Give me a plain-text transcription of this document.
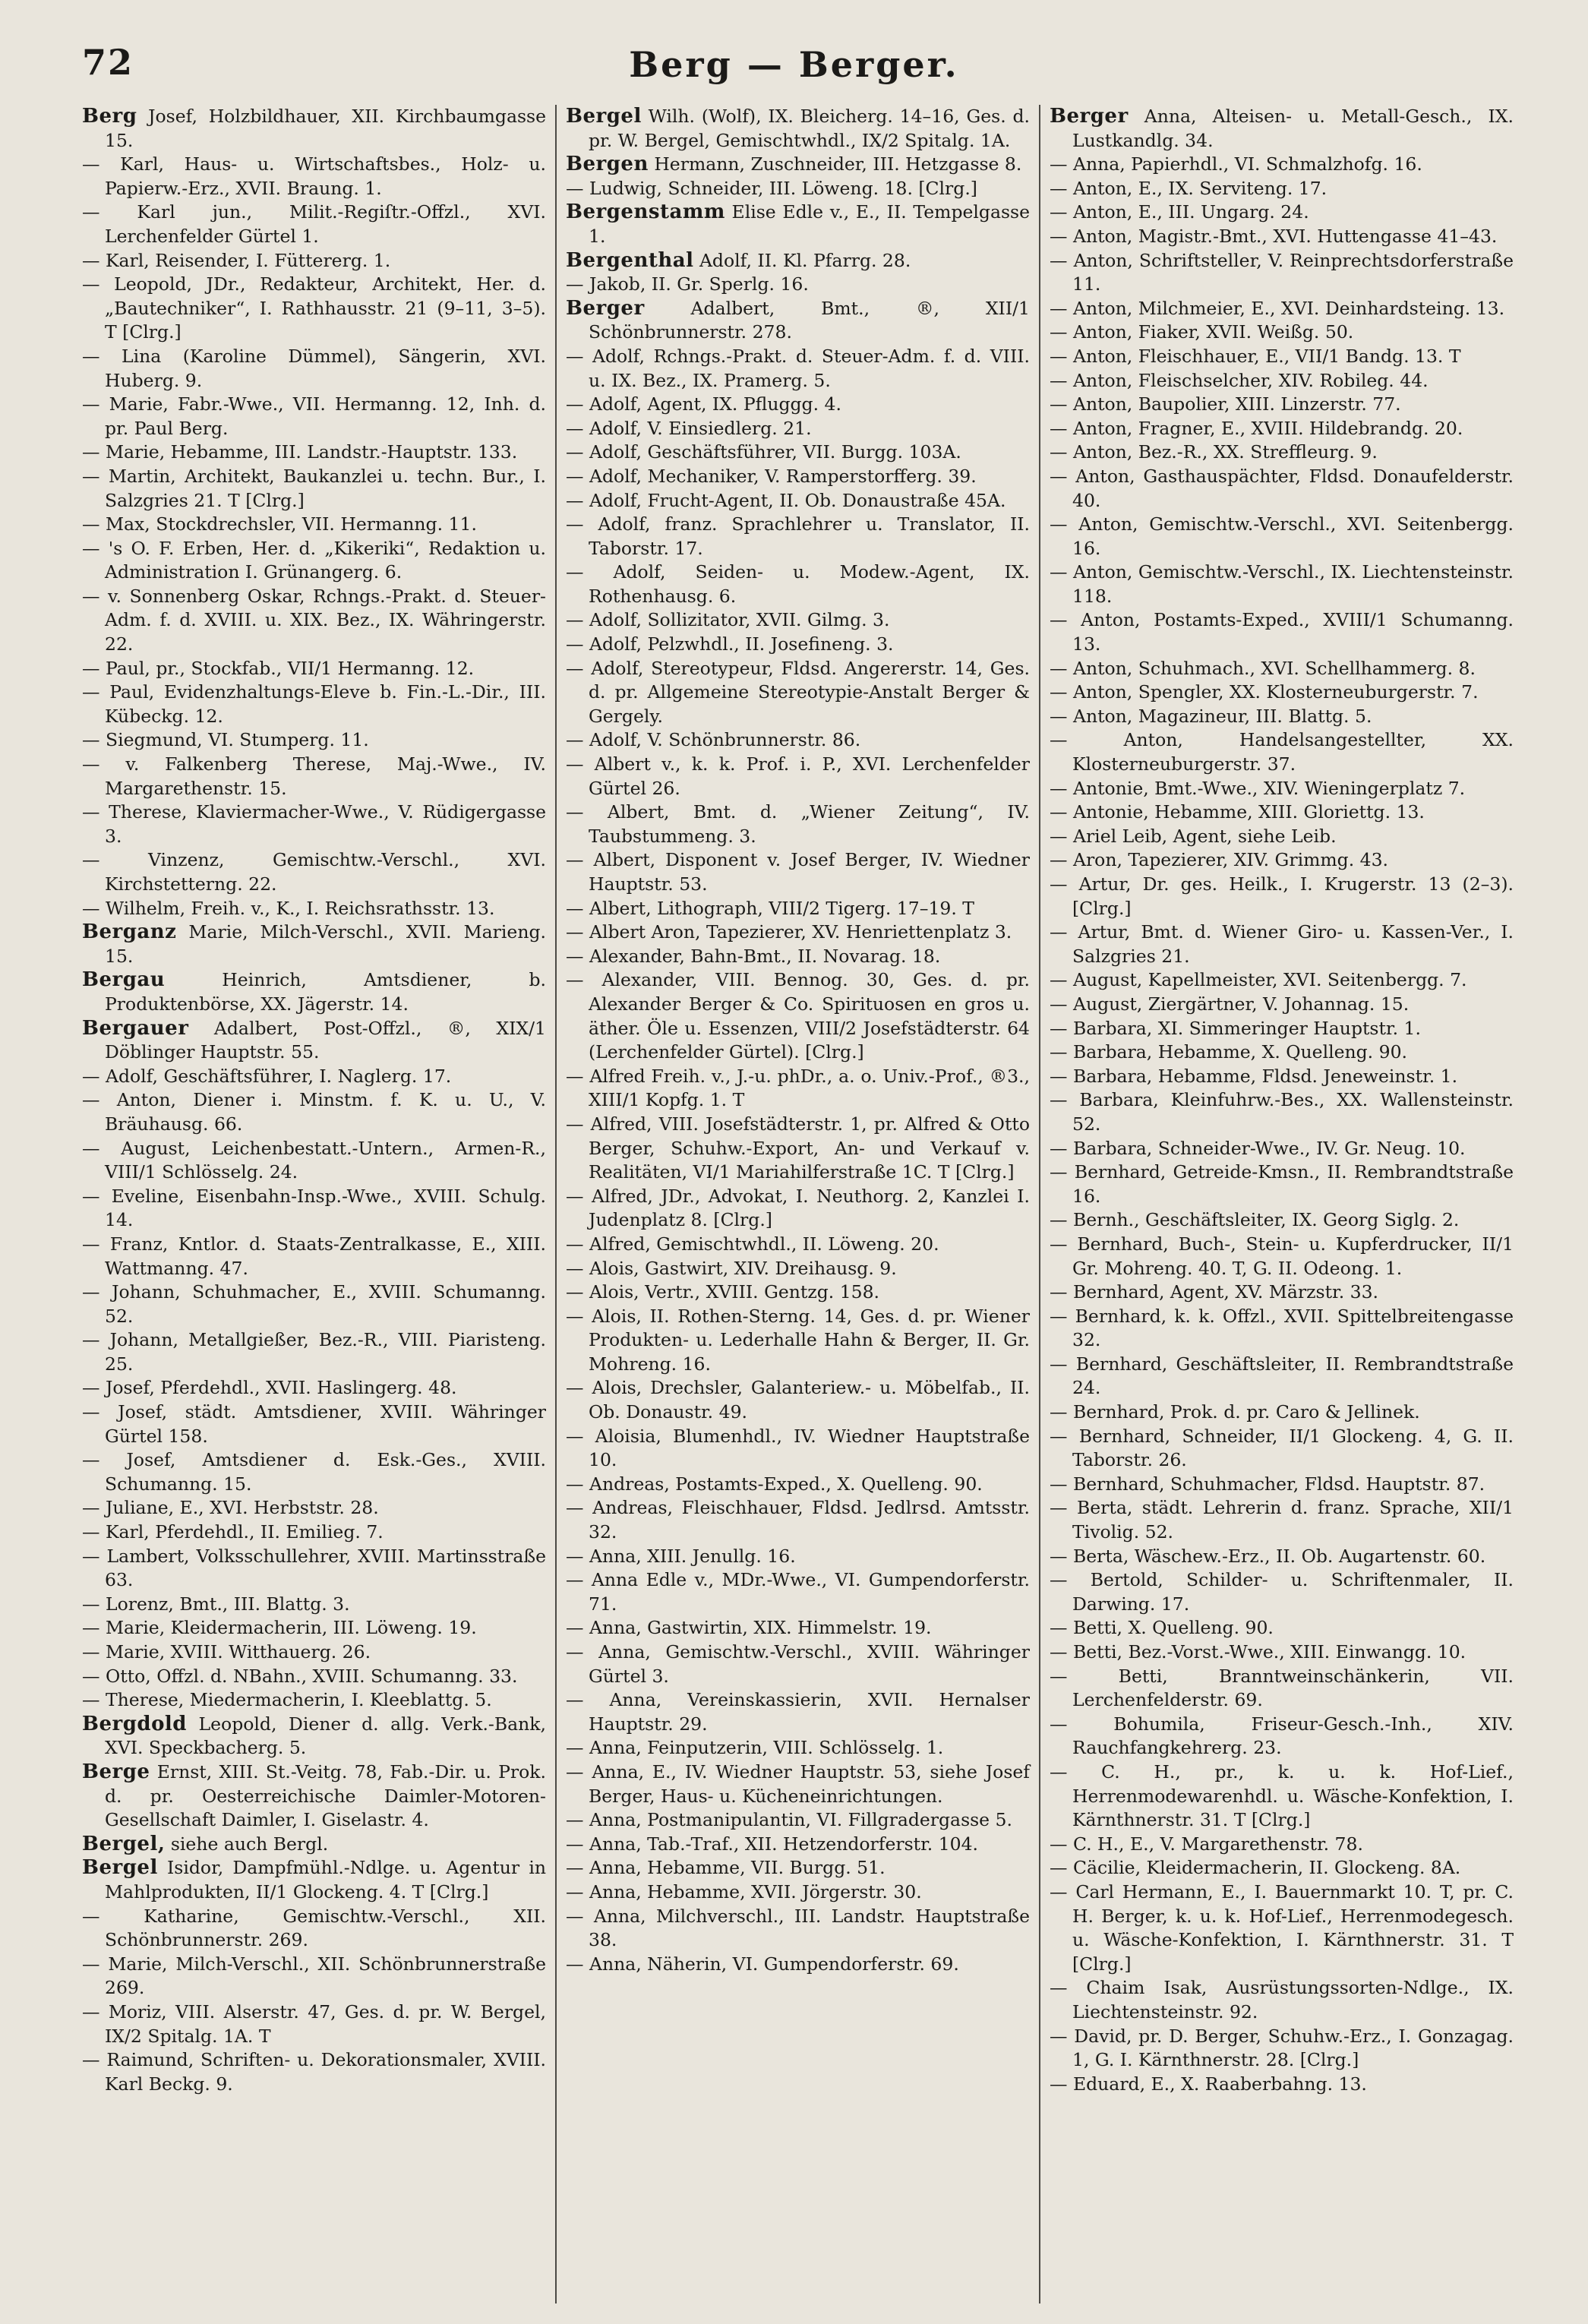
72	Berg — Berger.

Berg Josef, Holzbildhauer, XII. Kirchbaumgasse 15.

— Karl, Haus- u. Wirtschaftsbes., Holz- u. Papierw.-Erz., XVII. Braung. 1.

— Karl jun., Milit.-Regiſtr.-Offzl., XVI. Lerchenfelder Gürtel 1.

— Karl, Reisender, I. Füttererg. 1.

— Leopold, JDr., Redakteur, Architekt, Her. d. „Bautechniker“, I. Rathhausstr. 21 (9–11, 3–5). T [Clrg.]

— Lina (Karoline Dümmel), Sängerin, XVI. Huberg. 9.

— Marie, Fabr.-Wwe., VII. Hermanng. 12, Inh. d. pr. Paul Berg.

— Marie, Hebamme, III. Landstr.-Hauptstr. 133.

— Martin, Architekt, Baukanzlei u. techn. Bur., I. Salzgries 21. T [Clrg.]

— Max, Stockdrechsler, VII. Hermanng. 11.

— 's O. F. Erben, Her. d. „Kikeriki“, Redaktion u. Administration I. Grünangerg. 6.

— v. Sonnenberg Oskar, Rchngs.-Prakt. d. Steuer-Adm. f. d. XVIII. u. XIX. Bez., IX. Währingerstr. 22.

— Paul, pr., Stockfab., VII/1 Hermanng. 12.

— Paul, Evidenzhaltungs-Eleve b. Fin.-L.-Dir., III. Kübeckg. 12.

— Siegmund, VI. Stumperg. 11.

— v. Falkenberg Therese, Maj.-Wwe., IV. Margarethenstr. 15.

— Therese, Klaviermacher-Wwe., V. Rüdigergasse 3.

— Vinzenz, Gemischtw.-Verschl., XVI. Kirchstetterng. 22.

— Wilhelm, Freih. v., K., I. Reichsrathsstr. 13.

Berganz Marie, Milch-Verschl., XVII. Marieng. 15.

Bergau Heinrich, Amtsdiener, b. Produktenbörse, XX. Jägerstr. 14.

Bergauer Adalbert, Post-Offzl., ®, XIX/1 Döblinger Hauptstr. 55.

— Adolf, Geschäftsführer, I. Naglerg. 17.

— Anton, Diener i. Minstm. f. K. u. U., V. Bräuhausg. 66.

— August, Leichenbestatt.-Untern., Armen-R., VIII/1 Schlösselg. 24.

— Eveline, Eisenbahn-Insp.-Wwe., XVIII. Schulg. 14.

— Franz, Kntlor. d. Staats-Zentralkasse, E., XIII. Wattmanng. 47.

— Johann, Schuhmacher, E., XVIII. Schumanng. 52.

— Johann, Metallgießer, Bez.-R., VIII. Piaristeng. 25.

— Josef, Pferdehdl., XVII. Haslingerg. 48.

— Josef, städt. Amtsdiener, XVIII. Währinger Gürtel 158.

— Josef, Amtsdiener d. Esk.-Ges., XVIII. Schumanng. 15.

— Juliane, E., XVI. Herbststr. 28.

— Karl, Pferdehdl., II. Emilieg. 7.

— Lambert, Volksschullehrer, XVIII. Martinsstraße 63.

— Lorenz, Bmt., III. Blattg. 3.

— Marie, Kleidermacherin, III. Löweng. 19.

— Marie, XVIII. Witthauerg. 26.

— Otto, Offzl. d. NBahn., XVIII. Schumanng. 33.

— Therese, Miedermacherin, I. Kleeblattg. 5.

Bergdold Leopold, Diener d. allg. Verk.-Bank, XVI. Speckbacherg. 5.

Berge Ernst, XIII. St.-Veitg. 78, Fab.-Dir. u. Prok. d. pr. Oesterreichische Daimler-Motoren-Gesellschaft Daimler, I. Giselastr. 4.

Bergel, siehe auch Bergl.

Bergel Isidor, Dampfmühl.-Ndlge. u. Agentur in Mahlprodukten, II/1 Glockeng. 4. T [Clrg.]

— Katharine, Gemischtw.-Verschl., XII. Schönbrunnerstr. 269.

— Marie, Milch-Verschl., XII. Schönbrunnerstraße 269.

— Moriz, VIII. Alserstr. 47, Ges. d. pr. W. Bergel, IX/2 Spitalg. 1A. T

— Raimund, Schriften- u. Dekorationsmaler, XVIII. Karl Beckg. 9.

Bergel Wilh. (Wolf), IX. Bleicherg. 14–16, Ges. d. pr. W. Bergel, Gemischtwhdl., IX/2 Spitalg. 1A.

Bergen Hermann, Zuschneider, III. Hetzgasse 8.

— Ludwig, Schneider, III. Löweng. 18. [Clrg.]

Bergenstamm Elise Edle v., E., II. Tempelgasse 1.

Bergenthal Adolf, II. Kl. Pfarrg. 28.

— Jakob, II. Gr. Sperlg. 16.

Berger Adalbert, Bmt., ®, XII/1 Schönbrunnerstr. 278.

— Adolf, Rchngs.-Prakt. d. Steuer-Adm. f. d. VIII. u. IX. Bez., IX. Pramerg. 5.

— Adolf, Agent, IX. Pfluggg. 4.

— Adolf, V. Einsiedlerg. 21.

— Adolf, Geschäftsführer, VII. Burgg. 103A.

— Adolf, Mechaniker, V. Ramperstorfferg. 39.

— Adolf, Frucht-Agent, II. Ob. Donaustraße 45A.

— Adolf, franz. Sprachlehrer u. Translator, II. Taborstr. 17.

— Adolf, Seiden- u. Modew.-Agent, IX. Rothenhausg. 6.

— Adolf, Sollizitator, XVII. Gilmg. 3.

— Adolf, Pelzwhdl., II. Josefineng. 3.

— Adolf, Stereotypeur, Fldsd. Angererstr. 14, Ges. d. pr. Allgemeine Stereotypie-Anstalt Berger & Gergely.

— Adolf, V. Schönbrunnerstr. 86.

— Albert v., k. k. Prof. i. P., XVI. Lerchenfelder Gürtel 26.

— Albert, Bmt. d. „Wiener Zeitung“, IV. Taubstummeng. 3.

— Albert, Disponent v. Josef Berger, IV. Wiedner Hauptstr. 53.

— Albert, Lithograph, VIII/2 Tigerg. 17–19. T

— Albert Aron, Tapezierer, XV. Henriettenplatz 3.

— Alexander, Bahn-Bmt., II. Novarag. 18.

— Alexander, VIII. Bennog. 30, Ges. d. pr. Alexander Berger & Co. Spirituosen en gros u. äther. Öle u. Essenzen, VIII/2 Josefstädterstr. 64 (Lerchenfelder Gürtel). [Clrg.]

— Alfred Freih. v., J.-u. phDr., a. o. Univ.-Prof., ®3., XIII/1 Kopfg. 1. T

— Alfred, VIII. Josefstädterstr. 1, pr. Alfred & Otto Berger, Schuhw.-Export, An- und Verkauf v. Realitäten, VI/1 Mariahilferstraße 1C. T [Clrg.]

— Alfred, JDr., Advokat, I. Neuthorg. 2, Kanzlei I. Judenplatz 8. [Clrg.]

— Alfred, Gemischtwhdl., II. Löweng. 20.

— Alois, Gastwirt, XIV. Dreihausg. 9.

— Alois, Vertr., XVIII. Gentzg. 158.

— Alois, II. Rothen-Sterng. 14, Ges. d. pr. Wiener Produkten- u. Lederhalle Hahn & Berger, II. Gr. Mohreng. 16.

— Alois, Drechsler, Galanteriew.- u. Möbelfab., II. Ob. Donaustr. 49.

— Aloisia, Blumenhdl., IV. Wiedner Hauptstraße 10.

— Andreas, Postamts-Exped., X. Quelleng. 90.

— Andreas, Fleischhauer, Fldsd. Jedlrsd. Amtsstr. 32.

— Anna, XIII. Jenullg. 16.

— Anna Edle v., MDr.-Wwe., VI. Gumpendorferstr. 71.

— Anna, Gastwirtin, XIX. Himmelstr. 19.

— Anna, Gemischtw.-Verschl., XVIII. Währinger Gürtel 3.

— Anna, Vereinskassierin, XVII. Hernalser Hauptstr. 29.

— Anna, Feinputzerin, VIII. Schlösselg. 1.

— Anna, E., IV. Wiedner Hauptstr. 53, siehe Josef Berger, Haus- u. Kücheneinrichtungen.

— Anna, Postmanipulantin, VI. Fillgradergasse 5.

— Anna, Tab.-Traf., XII. Hetzendorferstr. 104.

— Anna, Hebamme, VII. Burgg. 51.

— Anna, Hebamme, XVII. Jörgerstr. 30.

— Anna, Milchverschl., III. Landstr. Hauptstraße 38.

— Anna, Näherin, VI. Gumpendorferstr. 69.

Berger Anna, Alteisen- u. Metall-Gesch., IX. Lustkandlg. 34.

— Anna, Papierhdl., VI. Schmalzhofg. 16.

— Anton, E., IX. Serviteng. 17.

— Anton, E., III. Ungarg. 24.

— Anton, Magistr.-Bmt., XVI. Huttengasse 41–43.

— Anton, Schriftsteller, V. Reinprechtsdorferstraße 11.

— Anton, Milchmeier, E., XVI. Deinhardsteing. 13.

— Anton, Fiaker, XVII. Weißg. 50.

— Anton, Fleischhauer, E., VII/1 Bandg. 13. T

— Anton, Fleischselcher, XIV. Robileg. 44.

— Anton, Baupolier, XIII. Linzerstr. 77.

— Anton, Fragner, E., XVIII. Hildebrandg. 20.

— Anton, Bez.-R., XX. Streffleurg. 9.

— Anton, Gasthauspächter, Fldsd. Donaufelderstr. 40.

— Anton, Gemischtw.-Verschl., XVI. Seitenbergg. 16.

— Anton, Gemischtw.-Verschl., IX. Liechtensteinstr. 118.

— Anton, Postamts-Exped., XVIII/1 Schumanng. 13.

— Anton, Schuhmach., XVI. Schellhammerg. 8.

— Anton, Spengler, XX. Klosterneuburgerstr. 7.

— Anton, Magazineur, III. Blattg. 5.

— Anton, Handelsangestellter, XX. Klosterneuburgerstr. 37.

— Antonie, Bmt.-Wwe., XIV. Wieningerplatz 7.

— Antonie, Hebamme, XIII. Gloriettg. 13.

— Ariel Leib, Agent, siehe Leib.

— Aron, Tapezierer, XIV. Grimmg. 43.

— Artur, Dr. ges. Heilk., I. Krugerstr. 13 (2–3). [Clrg.]

— Artur, Bmt. d. Wiener Giro- u. Kassen-Ver., I. Salzgries 21.

— August, Kapellmeister, XVI. Seitenbergg. 7.

— August, Ziergärtner, V. Johannag. 15.

— Barbara, XI. Simmeringer Hauptstr. 1.

— Barbara, Hebamme, X. Quelleng. 90.

— Barbara, Hebamme, Fldsd. Jeneweinstr. 1.

— Barbara, Kleinfuhrw.-Bes., XX. Wallensteinstr. 52.

— Barbara, Schneider-Wwe., IV. Gr. Neug. 10.

— Bernhard, Getreide-Kmsn., II. Rembrandtstraße 16.

— Bernh., Geschäftsleiter, IX. Georg Siglg. 2.

— Bernhard, Buch-, Stein- u. Kupferdrucker, II/1 Gr. Mohreng. 40. T, G. II. Odeong. 1.

— Bernhard, Agent, XV. Märzstr. 33.

— Bernhard, k. k. Offzl., XVII. Spittelbreitengasse 32.

— Bernhard, Geschäftsleiter, II. Rembrandtstraße 24.

— Bernhard, Prok. d. pr. Caro & Jellinek.

— Bernhard, Schneider, II/1 Glockeng. 4, G. II. Taborstr. 26.

— Bernhard, Schuhmacher, Fldsd. Hauptstr. 87.

— Berta, städt. Lehrerin d. franz. Sprache, XII/1 Tivolig. 52.

— Berta, Wäschew.-Erz., II. Ob. Augartenstr. 60.

— Bertold, Schilder- u. Schriftenmaler, II. Darwing. 17.

— Betti, X. Quelleng. 90.

— Betti, Bez.-Vorst.-Wwe., XIII. Einwangg. 10.

— Betti, Branntweinschänkerin, VII. Lerchenfelderstr. 69.

— Bohumila, Friseur-Gesch.-Inh., XIV. Rauchfangkehrerg. 23.

— C. H., pr., k. u. k. Hof-Lief., Herrenmodewarenhdl. u. Wäsche-Konfektion, I. Kärnthnerstr. 31. T [Clrg.]

— C. H., E., V. Margarethenstr. 78.

— Cäcilie, Kleidermacherin, II. Glockeng. 8A.

— Carl Hermann, E., I. Bauernmarkt 10. T, pr. C. H. Berger, k. u. k. Hof-Lief., Herrenmodegesch. u. Wäsche-Konfektion, I. Kärnthnerstr. 31. T [Clrg.]

— Chaim Isak, Ausrüstungssorten-Ndlge., IX. Liechtensteinstr. 92.

— David, pr. D. Berger, Schuhw.-Erz., I. Gonzagag. 1, G. I. Kärnthnerstr. 28. [Clrg.]

— Eduard, E., X. Raaberbahng. 13.
